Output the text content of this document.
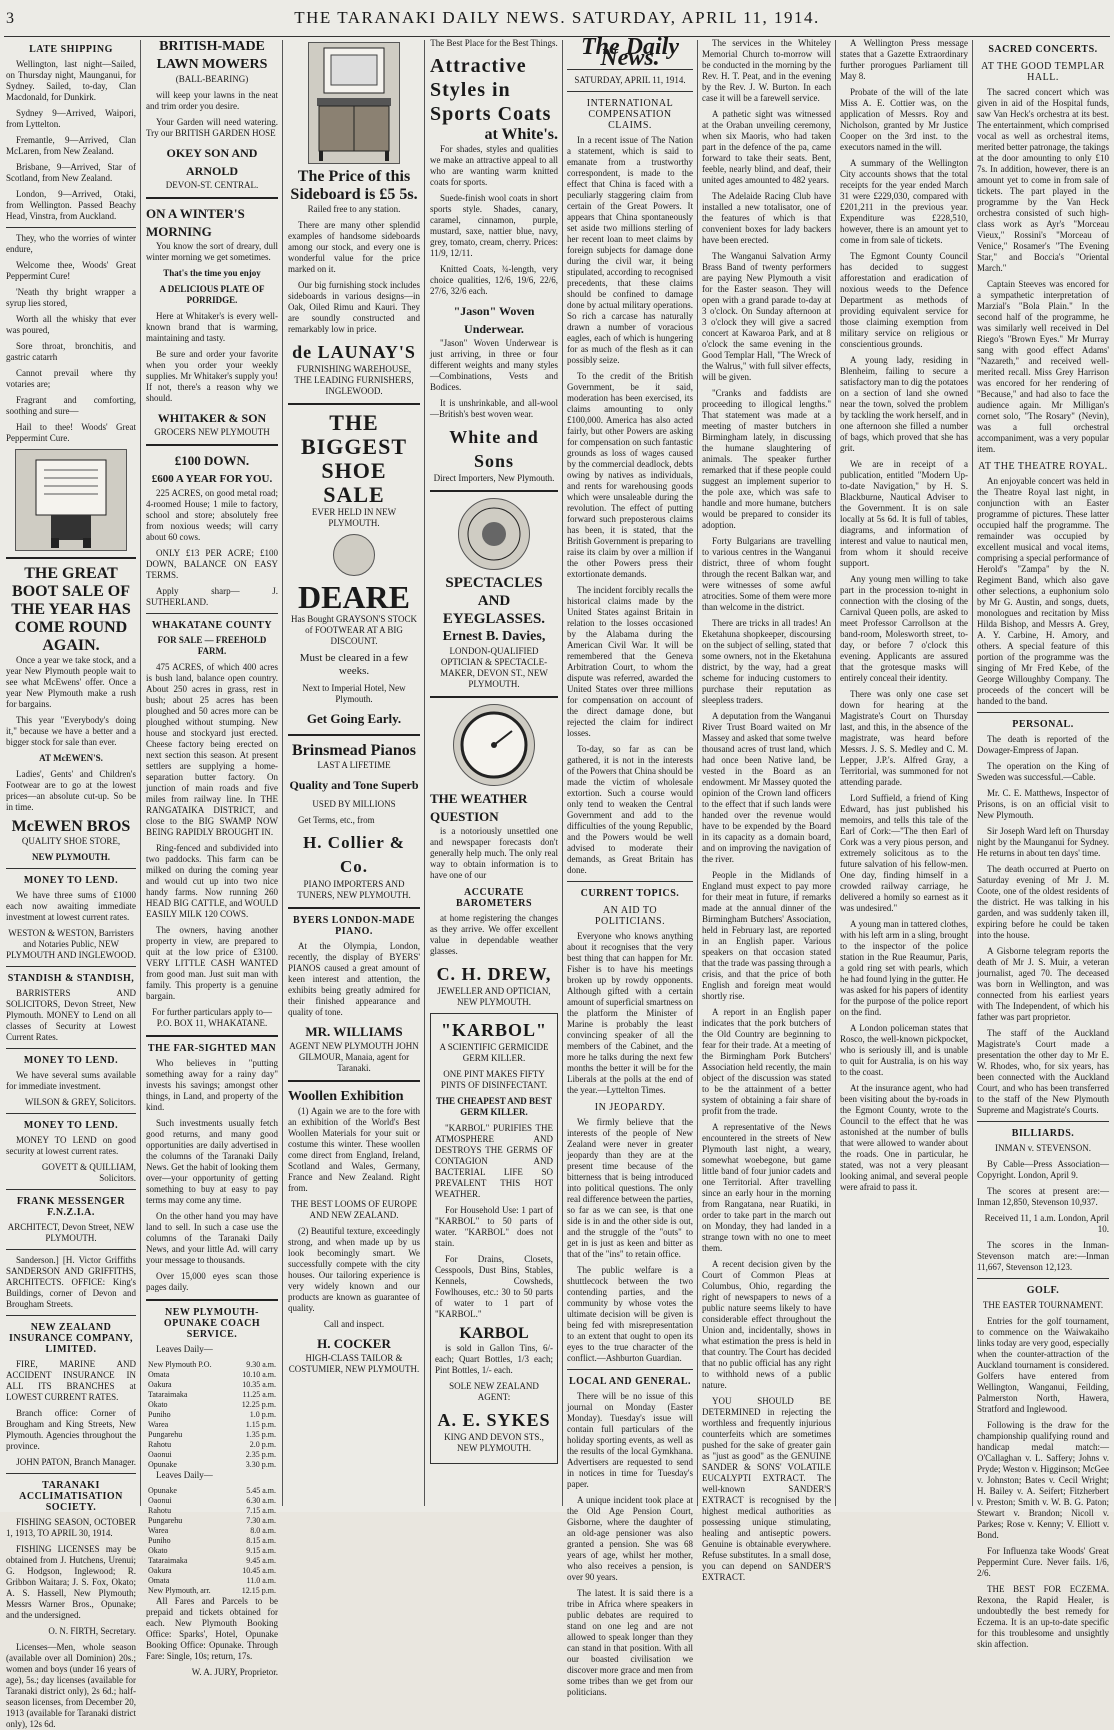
3	THE TARANAKI DAILY NEWS. SATURDAY, APRIL 11, 1914.
LATE SHIPPING

Wellington, last night—Sailed, on Thursday night, Maunganui, for Sydney. Sailed, to-day, Clan Macdonald, for Dunkirk.

Sydney 9—Arrived, Waipori, from Lyttelton.

Fremantle, 9—Arrived, Clan McLaren, from New Zealand.

Brisbane, 9—Arrived, Star of Scotland, from New Zealand.

London, 9—Arrived, Otaki, from Wellington. Passed Beachy Head, Vinstra, from Auckland.

They, who the worries of winter endure,

Welcome thee, Woods' Great Peppermint Cure!

'Neath thy bright wrapper a syrup lies stored,

Worth all the whisky that ever was poured,

Sore throat, bronchitis, and gastric catarrh

Cannot prevail where thy votaries are;

Fragrant and comforting, soothing and sure—

Hail to thee! Woods' Great Peppermint Cure.

THE GREAT BOOT SALE OF THE YEAR HAS COME ROUND AGAIN.

Once a year we take stock, and a year New Plymouth people wait to see what McEwens' offer. Once a year New Plymouth make a rush for bargains.

This year "Everybody's doing it," because we have a better and a bigger stock for sale than ever.

AT McEWEN'S.

Ladies', Gents' and Children's Footwear are to go at the lowest prices—an absolute cut-up. So be in time.

McEWEN BROS

QUALITY SHOE STORE,

NEW PLYMOUTH.

MONEY TO LEND.

We have three sums of £1000 each now awaiting immediate investment at lowest current rates.

WESTON & WESTON, Barristers and Notaries Public, NEW PLYMOUTH AND INGLEWOOD.

STANDISH & STANDISH,

BARRISTERS AND SOLICITORS, Devon Street, New Plymouth. MONEY to Lend on all classes of Security at Lowest Current Rates.

MONEY TO LEND.

We have several sums available for immediate investment.

WILSON & GREY, Solicitors.

MONEY TO LEND.

MONEY TO LEND on good security at lowest current rates.

GOVETT & QUILLIAM, Solicitors.

FRANK MESSENGER F.N.Z.I.A.

ARCHITECT, Devon Street, NEW PLYMOUTH.

Sanderson.] [H. Victor Griffiths SANDERSON AND GRIFFITHS, ARCHITECTS. OFFICE: King's Buildings, corner of Devon and Brougham Streets.

NEW ZEALAND INSURANCE COMPANY, LIMITED.

FIRE, MARINE AND ACCIDENT INSURANCE IN ALL ITS BRANCHES at LOWEST CURRENT RATES.

Branch office: Corner of Brougham and King Streets, New Plymouth. Agencies throughout the province.

JOHN PATON, Branch Manager.

TARANAKI ACCLIMATISATION SOCIETY.

FISHING SEASON, OCTOBER 1, 1913, TO APRIL 30, 1914.

FISHING LICENSES may be obtained from J. Hutchens, Urenui; G. Hodgson, Inglewood; R. Gribbon Waitara; J. S. Fox, Okato; A. S. Hassell, New Plymouth; Messrs Warner Bros., Opunake; and the undersigned.

O. N. FIRTH, Secretary.

Licenses—Men, whole season (available over all Dominion) 20s.; women and boys (under 16 years of age), 5s.; day licenses (available for Taranaki district only), 2s 6d.; half-season licenses, from December 20, 1913 (available for Taranaki district only), 12s 6d.

BRITISH-MADE LAWN MOWERS

(BALL-BEARING)

will keep your lawns in the neat and trim order you desire.

Your Garden will need watering. Try our BRITISH GARDEN HOSE

OKEY SON AND ARNOLD

DEVON-ST. CENTRAL.

ON A WINTER'S MORNING

You know the sort of dreary, dull winter morning we get sometimes.

That's the time you enjoy

A DELICIOUS PLATE OF PORRIDGE.

Here at Whitaker's is every well-known brand that is warming, maintaining and tasty.

Be sure and order your favorite when you order your weekly supplies. Mr Whitaker's supply you! If not, there's a reason why we should.

WHITAKER & SON

GROCERS NEW PLYMOUTH

£100 DOWN.
£600 A YEAR FOR YOU.

225 ACRES, on good metal road; 4-roomed House; 1 mile to factory, school and store; absolutely free from noxious weeds; will carry about 60 cows.

ONLY £13 PER ACRE; £100 DOWN, BALANCE ON EASY TERMS.

Apply sharp— J. SUTHERLAND.

WHAKATANE COUNTY

FOR SALE — FREEHOLD FARM.

475 ACRES, of which 400 acres is bush land, balance open country. About 250 acres in grass, rest in bush; about 25 acres has been ploughed and 50 acres more can be ploughed without stumping. New house and stockyard just erected. Cheese factory being erected on next section this season. At present settlers are supplying a home-separation butter factory. On junction of main roads and five miles from railway line. In THE RANGATAIKA DISTRICT, and close to the BIG SWAMP NOW BEING RAPIDLY BROUGHT IN.

Ring-fenced and subdivided into two paddocks. This farm can be milked on during the coming year and would cut up into two nice handy farms. Now running 260 HEAD BIG CATTLE, and WOULD EASILY MILK 120 COWS.

The owners, having another property in view, are prepared to quit at the low price of £3100. VERY LITTLE CASH WANTED from good man. Just suit man with family. This property is a genuine bargain.

For further particulars apply to— P.O. BOX 11, WHAKATANE.

THE FAR-SIGHTED MAN

Who believes in "putting something away for a rainy day" invests his savings; amongst other things, in Land, and property of the kind.

Such investments usually fetch good returns, and many good opportunities are daily advertised in the columns of the Taranaki Daily News. Get the habit of looking them over—your opportunity of getting something to buy at easy to pay terms may come any time.

On the other hand you may have land to sell. In such a case use the columns of the Taranaki Daily News, and your little Ad. will carry your message to thousands.

Over 15,000 eyes scan those pages daily.

NEW PLYMOUTH-OPUNAKE COACH SERVICE.

Leaves Daily—

New Plymouth P.O.	9.30 a.m.
Omata	10.10 a.m.
Oakura	10.35 a.m.
Tataraimaka	11.25 a.m.
Okato	12.25 p.m.
Puniho	1.0 p.m.
Warea	1.15 p.m.
Pungarehu	1.35 p.m.
Rahotu	2.0 p.m.
Oaonui	2.35 p.m.
Opunake	3.30 p.m.

Leaves Daily—

Opunake	5.45 a.m.
Oaonui	6.30 a.m.
Rahotu	7.15 a.m.
Pungarehu	7.30 a.m.
Warea	8.0 a.m.
Puniho	8.15 a.m.
Okato	9.15 a.m.
Tataraimaka	9.45 a.m.
Oakura	10.45 a.m.
Omata	11.0 a.m.
New Plymouth, arr.	12.15 p.m.

All Fares and Parcels to be prepaid and tickets obtained for each. New Plymouth Booking Office: Sparks', Hotel, Opunake Booking Office: Opunake. Through Fare: Single, 10s; return, 17s.

W. A. JURY, Proprietor.

The Price of this Sideboard is £5 5s.

Railed free to any station.

There are many other splendid examples of handsome sideboards among our stock, and every one is wonderful value for the price marked on it.

Our big furnishing stock includes sideboards in various designs—in Oak, Oiled Rimu and Kauri. They are soundly constructed and remarkably low in price.

de LAUNAY'S

FURNISHING WAREHOUSE, THE LEADING FURNISHERS, INGLEWOOD.

THE BIGGEST SHOE SALE

EVER HELD IN NEW PLYMOUTH.

DEARE

Has Bought GRAYSON'S STOCK of FOOTWEAR AT A BIG DISCOUNT.

Must be cleared in a few weeks.

Next to Imperial Hotel, New Plymouth.

Get Going Early.

Brinsmead Pianos

LAST A LIFETIME

Quality and Tone Superb

USED BY MILLIONS

Get Terms, etc., from

H. Collier & Co.

PIANO IMPORTERS AND TUNERS, NEW PLYMOUTH.

BYERS LONDON-MADE PIANO.

At the Olympia, London, recently, the display of BYERS' PIANOS caused a great amount of keen interest and attention, the exhibits being greatly admired for their finished appearance and quality of tone.

MR. WILLIAMS

AGENT NEW PLYMOUTH JOHN GILMOUR, Manaia, agent for Taranaki.

Woollen Exhibition

(1) Again we are to the fore with an exhibition of the World's Best Woollen Materials for your suit or costume this winter. These woollen come direct from England, Ireland, Scotland and Wales, Germany, France and New Zealand. Right from.

THE BEST LOOMS OF EUROPE AND NEW ZEALAND.

(2) Beautiful texture, exceedingly strong, and when made up by us look becomingly smart. We successfully compete with the city houses. Our tailoring experience is very widely known and our products are known as guarantee of quality.

Call and inspect.

H. COCKER

HIGH-CLASS TAILOR & COSTUMIER, NEW PLYMOUTH.

The Best Place for the Best Things.

Attractive Styles in Sports Coats
at White's.

For shades, styles and qualities we make an attractive appeal to all who are wanting warm knitted coats for sports.

Suede-finish wool coats in short sports style. Shades, canary, caramel, cinnamon, purple, mustard, saxe, nattier blue, navy, grey, tomato, cream, cherry. Prices: 11/9, 12/11.

Knitted Coats, ¾-length, very choice qualities, 12/6, 19/6, 22/6, 27/6, 32/6 each.

"Jason" Woven Underwear.

"Jason" Woven Underwear is just arriving, in three or four different weights and many styles—Combinations, Vests and Bodices.

It is unshrinkable, and all-wool—British's best woven wear.

White and Sons

Direct Importers, New Plymouth.

SPECTACLES AND EYEGLASSES.
Ernest B. Davies,

LONDON-QUALIFIED OPTICIAN & SPECTACLE-MAKER, DEVON ST., NEW PLYMOUTH.

THE WEATHER QUESTION

is a notoriously unsettled one and newspaper forecasts don't generally help much. The only real way to obtain information is to have one of our

ACCURATE BAROMETERS

at home registering the changes as they arrive. We offer excellent value in dependable weather glasses.

C. H. DREW,

JEWELLER AND OPTICIAN, NEW PLYMOUTH.

"KARBOL"

A SCIENTIFIC GERMICIDE GERM KILLER.

ONE PINT MAKES FIFTY PINTS OF DISINFECTANT.

THE CHEAPEST AND BEST GERM KILLER.

"KARBOL" PURIFIES THE ATMOSPHERE AND DESTROYS THE GERMS OF CONTAGION AND BACTERIAL LIFE SO PREVALENT THIS HOT WEATHER.

For Household Use: 1 part of "KARBOL" to 50 parts of water. "KARBOL" does not stain.

For Drains, Closets, Cesspools, Dust Bins, Stables, Kennels, Cowsheds, Fowlhouses, etc.: 30 to 50 parts of water to 1 part of "KARBOL."

KARBOL

is sold in Gallon Tins, 6/- each; Quart Bottles, 1/3 each; Pint Bottles, 1/- each.

SOLE NEW ZEALAND AGENT:

A. E. SYKES

KING AND DEVON STS., NEW PLYMOUTH.

The Daily News.

SATURDAY, APRIL 11, 1914.

INTERNATIONAL COMPENSATION CLAIMS.

In a recent issue of The Nation a statement, which is said to emanate from a trustworthy correspondent, is made to the effect that China is faced with a peculiarly staggering claim from certain of the Great Powers. It appears that China spontaneously set aside two millions sterling of her recent loan to meet claims by foreign subjects for damage done during the civil war, it being stipulated, according to recognised precedents, that these claims should be confined to damage done by actual military operations. So rich a carcase has naturally drawn a number of voracious eagles, each of which is hungering for as much of the flesh as it can possibly seize.

To the credit of the British Government, be it said, moderation has been exercised, its claims amounting to only £100,000. America has also acted fairly, but other Powers are asking for compensation on such fantastic grounds as loss of wages caused by the commercial deadlock, debts owing by natives as individuals, and rents for warehousing goods which were unsaleable during the revolution. The effect of putting forward such preposterous claims has been, it is stated, that the British Government is preparing to raise its claim by over a million if the other Powers press their extortionate demands.

The incident forcibly recalls the historical claims made by the United States against Britain in relation to the losses occasioned by the Alabama during the American Civil War. It will be remembered that the Geneva Arbitration Court, to whom the dispute was referred, awarded the United States over three millions for compensation on account of the direct damage done, but rejected the claim for indirect losses.

To-day, so far as can be gathered, it is not in the interests of the Powers that China should be made the victim of wholesale extortion. Such a course would only tend to weaken the Central Government and add to the difficulties of the young Republic, and the Powers would be well advised to moderate their demands, as Great Britain has done.

CURRENT TOPICS.
AN AID TO POLITICIANS.

Everyone who knows anything about it recognises that the very best thing that can happen for Mr. Fisher is to have his meetings broken up by rowdy opponents. Although gifted with a certain amount of superficial smartness on the platform the Minister of Marine is probably the least convincing speaker of all the members of the Cabinet, and the more he talks during the next few months the better it will be for the Liberals at the polls at the end of the year.—Lyttelton Times.

IN JEOPARDY.

We firmly believe that the interests of the people of New Zealand were never in greater jeopardy than they are at the present time because of the bitterness that is being introduced into political questions. The only real difference between the parties, so far as we can see, is that one side is in and the other side is out, and the struggle of the "outs" to get in is just as keen and bitter as that of the "ins" to retain office.

The public welfare is a shuttlecock between the two contending parties, and the community by whose votes the ultimate decision will be given is being fed with misrepresentation to an extent that ought to open its eyes to the true character of the conflict.—Ashburton Guardian.

LOCAL AND GENERAL.

There will be no issue of this journal on Monday (Easter Monday). Tuesday's issue will contain full particulars of the holiday sporting events, as well as the results of the local Gymkhana. Advertisers are requested to send in notices in time for Tuesday's paper.

A unique incident took place at the Old Age Pension Court, Gisborne, where the daughter of an old-age pensioner was also granted a pension. She was 68 years of age, whilst her mother, who also receives a pension, is over 90 years.

The latest. It is said there is a tribe in Africa where speakers in public debates are required to stand on one leg and are not allowed to speak longer than they can stand in that position. With all our boasted civilisation we discover more grace and men from some tribes than we get from our politicians.

The services in the Whiteley Memorial Church to-morrow will be conducted in the morning by the Rev. H. T. Peat, and in the evening by the Rev. J. W. Burton. In each case it will be a farewell service.

A pathetic sight was witnessed at the Oraban unveiling ceremony, when six Maoris, who had taken part in the defence of the pa, came forward to take their seats. Bent, feeble, nearly blind, and deaf, their united ages amounted to 482 years.

The Adelaide Racing Club have installed a new totalisator, one of the features of which is that convenient boxes for lady backers have been erected.

The Wanganui Salvation Army Brass Band of twenty performers are paying New Plymouth a visit for the Easter season. They will open with a grand parade to-day at 3 o'clock. On Sunday afternoon at 3 o'clock they will give a sacred concert at Kawaroa Park, and at 8 o'clock the same evening in the Good Templar Hall, "The Wreck of the Walrus," with full silver effects, will be given.

"Cranks and faddists are proceeding to illogical lengths." That statement was made at a meeting of master butchers in Birmingham lately, in discussing the humane slaughtering of animals. The speaker further remarked that if these people could suggest an implement superior to the pole axe, which was safe to handle and more humane, butchers would be prepared to consider its adoption.

Forty Bulgarians are travelling to various centres in the Wanganui district, three of whom fought through the recent Balkan war, and were witnesses of some awful atrocities. Some of them were more than welcome in the district.

There are tricks in all trades! An Eketahuna shopkeeper, discoursing on the subject of selling, stated that some owners, not in the Eketahuna district, by the way, had a great scheme for inducing customers to purchase their reputation as sleepless traders.

A deputation from the Wanganui River Trust Board waited on Mr Massey and asked that some twelve thousand acres of trust land, which had once been Native land, be vested in the Board as an endowment. Mr Massey quoted the opinion of the Crown land officers to the effect that if such lands were handed over the revenue would have to be expended by the Board in its capacity as a domain board, and on improving the navigation of the river.

People in the Midlands of England must expect to pay more for their meat in future, if remarks made at the annual dinner of the Birmingham Butchers' Association, held in February last, are reported in an English paper. Various speakers on that occasion stated that the trade was passing through a crisis, and that the price of both English and foreign meat would shortly rise.

A report in an English paper indicates that the pork butchers of the Old Country are beginning to fear for their trade. At a meeting of the Birmingham Pork Butchers' Association held recently, the main object of the discussion was stated to be the attainment of a better system of obtaining a fair share of profit from the trade.

A representative of the News encountered in the streets of New Plymouth last night, a weary, somewhat woebegone, but game little band of four junior cadets and one Territorial. After travelling since an early hour in the morning from Rangatana, near Ruatiki, in order to take part in the march out on Monday, they had landed in a strange town with no one to meet them.

A recent decision given by the Court of Common Pleas at Columbus, Ohio, regarding the right of newspapers to news of a public nature seems likely to have considerable effect throughout the Union and, incidentally, shows in what estimation the press is held in that country. The Court has decided that no public official has any right to withhold news of a public nature.

YOU SHOULD BE DETERMINED in rejecting the worthless and frequently injurious counterfeits which are sometimes pushed for the sake of greater gain as "just as good" as the GENUINE SANDER & SONS' VOLATILE EUCALYPTI EXTRACT. The well-known SANDER'S EXTRACT is recognised by the highest medical authorities as possessing unique stimulating, healing and antiseptic powers. Genuine is obtainable everywhere. Refuse substitutes. In a small dose, you can depend on SANDER'S EXTRACT.

A Wellington Press message states that a Gazette Extraordinary further prorogues Parliament till May 8.

Probate of the will of the late Miss A. E. Cottier was, on the application of Messrs. Roy and Nicholson, granted by Mr Justice Cooper on the 3rd inst. to the executors named in the will.

A summary of the Wellington City accounts shows that the total receipts for the year ended March 31 were £229,030, compared with £201,211 in the previous year. Expenditure was £228,510, however, there is an amount yet to come in from sale of tickets.

The Egmont County Council has decided to suggest afforestation and eradication of noxious weeds to the Defence Department as methods of providing equivalent service for those claiming exemption from military service on religious or conscientious grounds.

A young lady, residing in Blenheim, failing to secure a satisfactory man to dig the potatoes on a section of land she owned near the town, solved the problem by tackling the work herself, and in one afternoon she filled a number of bags, which proved that she has grit.

We are in receipt of a publication, entitled "Modern Up-to-date Navigation," by H. S. Blackburne, Nautical Adviser to the Government. It is on sale locally at 5s 6d. It is full of tables, diagrams, and information of interest and value to nautical men, from whom it should receive support.

Any young men willing to take part in the procession to-night in connection with the closing of the Carnival Queen polls, are asked to meet Professor Carrollson at the band-room, Molesworth street, to-day, or before 7 o'clock this evening. Applicants are assured that the grotesque masks will entirely conceal their identity.

There was only one case set down for hearing at the Magistrate's Court on Thursday last, and this, in the absence of the magistrate, was heard before Messrs. J. S. S. Medley and C. M. Lepper, J.P.'s. Alfred Gray, a Territorial, was summoned for not attending parade.

Lord Suffield, a friend of King Edward, has just published his memoirs, and tells this tale of the Earl of Cork:—"The then Earl of Cork was a very pious person, and extremely solicitous as to the future salvation of his fellow-men. One day, finding himself in a crowded railway carriage, he delivered a homily so earnest as it was undesired."

A young man in tattered clothes, with his left arm in a sling, brought to the inspector of the police station in the Rue Reaumur, Paris, a gold ring set with pearls, which he had found lying in the gutter. He was asked for his papers of identity for the purpose of the police report on the find.

A London policeman states that Rosco, the well-known pickpocket, who is seriously ill, and is unable to quit for Australia, is on his way to the coast.

At the insurance agent, who had been visiting about the by-roads in the Egmont County, wrote to the Council to the effect that he was astonished at the number of bulls that were allowed to wander about the roads. One in particular, he stated, was not a very pleasant looking animal, and several people were afraid to pass it.

SACRED CONCERTS.
AT THE GOOD TEMPLAR HALL.

The sacred concert which was given in aid of the Hospital funds, saw Van Heck's orchestra at its best. The entertainment, which comprised vocal as well as orchestral items, merited better patronage, the takings at the door amounting to only £10 7s. In addition, however, there is an amount yet to come in from sale of tickets. The part played in the programme by the Van Heck orchestra consisted of such high-class work as Ayr's "Morceau Vieux," Rossini's "Morceau of Venice," Rosamer's "The Evening Star," and Boccia's "Oriental March."

Captain Steeves was encored for a sympathetic interpretation of Marzial's "Bola Plain." In the second half of the programme, he was similarly well received in Del Riego's "Brown Eyes." Mr Murray sang with good effect Adams' "Nazareth," and received well-merited recall. Miss Grey Harrison was encored for her rendering of "Because," and had also to face the audience again. Mr Milligan's cornet solo, "The Rosary" (Nevin), was a full orchestral accompaniment, was a very popular item.

AT THE THEATRE ROYAL.

An enjoyable concert was held in the Theatre Royal last night, in conjunction with an Easter programme of pictures. These latter occupied half the programme. The remainder was occupied by excellent musical and vocal items, comprising a special performance of Herold's "Zampa" by the N. Regiment Band, which also gave other selections, a euphonium solo by Mr G. Austin, and songs, duets, monologues and recitation by Miss Hilda Bishop, and Messrs A. Grey, A. Y. Carbine, H. Amory, and others. A special feature of this portion of the programme was the singing of Mr Fred Kebe, of the George Willoughby Company. The proceeds of the concert will be handed to the band.

PERSONAL.

The death is reported of the Dowager-Empress of Japan.

The operation on the King of Sweden was successful.—Cable.

Mr. C. E. Matthews, Inspector of Prisons, is on an official visit to New Plymouth.

Sir Joseph Ward left on Thursday night by the Maunganui for Sydney. He returns in about ten days' time.

The death occurred at Puerto on Saturday evening of Mr J. M. Coote, one of the oldest residents of the district. He was talking in his garden, and was suddenly taken ill, expiring before he could be taken into the house.

A Gisborne telegram reports the death of Mr J. S. Muir, a veteran journalist, aged 70. The deceased was born in Wellington, and was connected from his earliest years with The Independent, of which his father was part proprietor.

The staff of the Auckland Magistrate's Court made a presentation the other day to Mr E. W. Rhodes, who, for six years, has been connected with the Auckland Court, and who has been transferred to the staff of the New Plymouth Supreme and Magistrate's Courts.

BILLIARDS.

INMAN v. STEVENSON.

By Cable—Press Association—Copyright. London, April 9.

The scores at present are:—Inman 12,850, Stevenson 10,937.

Received 11, 1 a.m. London, April 10.

The scores in the Inman-Stevenson match are:—Inman 11,667, Stevenson 12,123.

GOLF.

THE EASTER TOURNAMENT.

Entries for the golf tournament, to commence on the Waiwakaiho links today are very good, especially when the counter-attraction of the Auckland tournament is considered. Golfers have entered from Wellington, Wanganui, Feilding, Palmerston North, Hawera, Stratford and Inglewood.

Following is the draw for the championship qualifying round and handicap medal match:—O'Callaghan v. L. Saffery; Johns v. Pryde; Weston v. Higginson; McGee v. Johnston; Bates v. Cecil Wright; H. Bailey v. A. Seifert; Fitzherbert v. Preston; Smith v. W. B. G. Paton; Stewart v. Brandon; Nicoll v. Parkes; Rose v. Kenny; V. Elliott v. Bond.

For Influenza take Woods' Great Peppermint Cure. Never fails. 1/6, 2/6.

THE BEST FOR ECZEMA. Rexona, the Rapid Healer, is undoubtedly the best remedy for Eczema. It is an up-to-date specific for this troublesome and unsightly skin affection.
